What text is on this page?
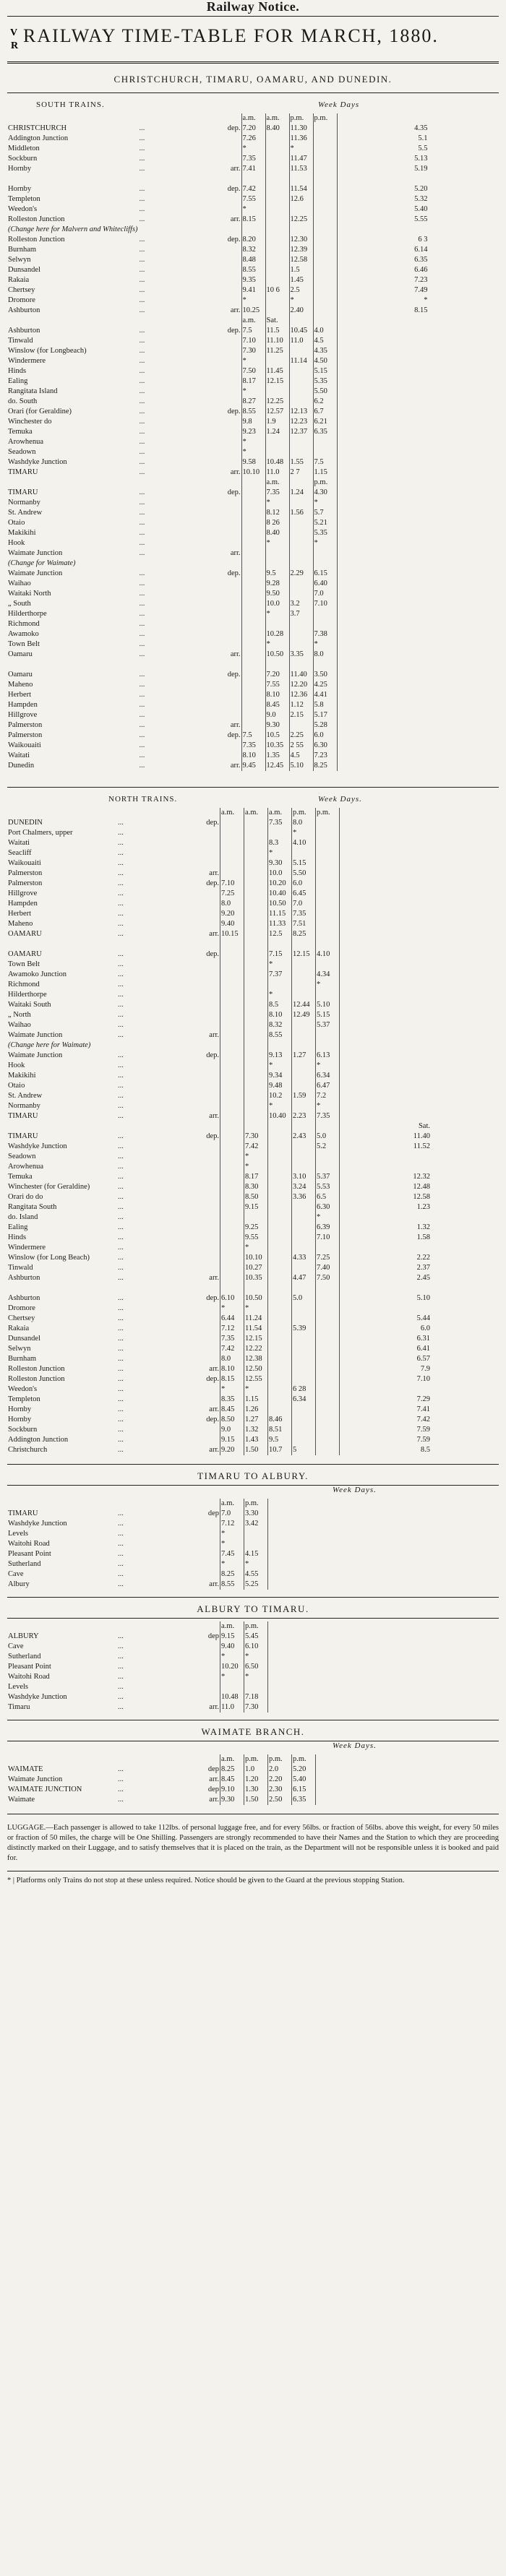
Railway Notice.
V
R RAILWAY TIME-TABLE FOR MARCH, 1880.
CHRISTCHURCH, TIMARU, OAMARU, AND DUNEDIN.
SOUTH TRAINS.	Week Days
			a.m.	a.m.	p.m.	p.m.		
CHRISTCHURCH	...	dep.	7.20	8.40	11.30			4.35
Addington Junction	...		7.26		11.36			5.1
Middleton	...		*		*			5.5
Sockburn	...		7.35		11.47			5.13
Hornby	...	arr.	7.41		11.53			5.19

Hornby	...	dep.	7.42		11.54			5.20
Templeton	...		7.55		12.6			5.32
Weedon's	...		*					5.40
Rolleston Junction	...	arr.	8.15		12.25			5.55
(Change here for Malvern and Whitecliffs)								
Rolleston Junction	...	dep.	8.20		12.30			6 3
Burnham	...		8.32		12.39			6.14
Selwyn	...		8.48		12.58			6.35
Dunsandel	...		8.55		1.5			6.46
Rakaia	...		9.35		1.45			7.23
Chertsey	...		9.41	10 6	2.5			7.49
Dromore	...		*		*			*
Ashburton	...	arr.	10.25		2.40			8.15
			a.m.	Sat.				
Ashburton	...	dep.	7.5	11.5	10.45	4.0		
Tinwald	...		7.10	11.10	11.0	4.5		
Winslow (for Longbeach)	...		7.30	11.25		4.35		
Windermere	...		*		11.14	4.50		
Hinds	...		7.50	11.45		5.15		
Ealing	...		8.17	12.15		5.35		
Rangitata Island	...		*			5.50		
do. South	...		8.27	12.25		6.2		
Orari (for Geraldine)	...	dep.	8.55	12.57	12.13	6.7		
Winchester do	...		9.8	1.9	12.23	6.21		
Temuka	...		9.23	1.24	12.37	6.35		
Arowhenua	...		*					
Seadown	...		*					
Washdyke Junction	...		9.58	10.48	1.55	7.5		
TIMARU	...	arr.	10.10	11.0	2 7	1.15		
				a.m.		p.m.		
TIMARU	...	dep.		7.35	1.24	4.30		
Normanby	...			*		*		
St. Andrew	...			8.12	1.56	5.7		
Otaio	...			8 26		5.21		
Makikihi	...			8.40		5.35		
Hook	...			*		*		
Waimate Junction	...	arr.						
(Change for Waimate)								
Waimate Junction	...	dep.		9.5	2.29	6.15		
Waihao	...			9.28		6.40		
Waitaki North	...			9.50		7.0		
„ South	...			10.0	3.2	7.10		
Hilderthorpe	...			*	3.7			
Richmond	...							
Awamoko	...			10.28		7.38		
Town Belt	...			*		*		
Oamaru	...	arr.		10.50	3.35	8.0		

Oamaru	...	dep.		7.20	11.40	3.50		
Maheno	...			7.55	12.20	4.25		
Herbert	...			8.10	12.36	4.41		
Hampden	...			8.45	1.12	5.8		
Hillgrove	...			9.0	2.15	5.17		
Palmerston	...	arr.		9.30		5.28		
Palmerston	...	dep.	7.5	10.5	2.25	6.0		
Waikouaiti	...		7.35	10.35	2 55	6.30		
Waitati	...		8.10	1.35	4.5	7.23		
Dunedin	...	arr.	9.45	12.45	5.10	8.25		
NORTH TRAINS.	Week Days.
			a.m.	a.m.	a.m.	p.m.	p.m.		
DUNEDIN	...	dep.			7.35	8.0			
Port Chalmers, upper	...					*			
Waitati	...				8.3	4.10			
Seacliff	...				*				
Waikouaiti	...				9.30	5.15			
Palmerston	...	arr.			10.0	5.50			
Palmerston	...	dep.	7.10		10.20	6.0			
Hillgrove	...		7.25		10.40	6.45			
Hampden	...		8.0		10.50	7.0			
Herbert	...		9.20		11.15	7.35			
Maheno	...		9.40		11.33	7.51			
OAMARU	...	arr.	10.15		12.5	8.25			

OAMARU	...	dep.			7.15	12.15	4.10		
Town Belt	...				*				
Awamoko Junction	...				7.37		4.34		
Richmond	...						*		
Hilderthorpe	...				*				
Waitaki South	...				8.5	12.44	5.10		
„ North	...				8.10	12.49	5.15		
Waihao	...				8.32		5.37		
Waimate Junction	...	arr.			8.55				
(Change here for Waimate)									
Waimate Junction	...	dep.			9.13	1.27	6.13		
Hook	...				*		*		
Makikihi	...				9.34		6.34		
Otaio	...				9.48		6.47		
St. Andrew	...				10.2	1.59	7.2		
Normanby	...				*		*		
TIMARU	...	arr.			10.40	2.23	7.35		
									Sat.
TIMARU	...	dep.		7.30		2.43	5.0		11.40
Washdyke Junction	...			7.42			5.2		11.52
Seadown	...			*					
Arowhenua	...			*					
Temuka	...			8.17		3.10	5.37		12.32
Winchester (for Geraldine)	...			8.30		3.24	5.53		12.48
Orari do do	...			8.50		3.36	6.5		12.58
Rangitata South	...			9.15			6.30		1.23
do. Island	...						*		
Ealing	...			9.25			6.39		1.32
Hinds	...			9.55			7.10		1.58
Windermere	...			*					
Winslow (for Long Beach)	...			10.10		4.33	7.25		2.22
Tinwald	...			10.27			7.40		2.37
Ashburton	...	arr.		10.35		4.47	7.50		2.45

Ashburton	...	dep.	6.10	10.50		5.0			5.10
Dromore	...		*	*					
Chertsey	...		6.44	11.24					5.44
Rakaia	...		7.12	11.54		5.39			6.0
Dunsandel	...		7.35	12.15					6.31
Selwyn	...		7.42	12.22					6.41
Burnham	...		8.0	12.38					6.57
Rolleston Junction	...	arr.	8.10	12.50					7.9
Rolleston Junction	...	dep.	8.15	12.55					7.10
Weedon's	...		*	*		6 28			
Templeton	...		8.35	1.15		6.34			7.29
Hornby	...	arr.	8.45	1.26					7.41
Hornby	...	dep.	8.50	1.27	8.46				7.42
Sockburn	...		9.0	1.32	8.51				7.59
Addington Junction	...		9.15	1.43	9.5				7.59
Christchurch	...	arr.	9.20	1.50	10.7	5			8.5
TIMARU TO ALBURY.
Week Days.
			a.m.	p.m.
TIMARU	...	dep	7.0	3.30
Washdyke Junction	...		7.12	3.42
Levels	...		*	
Waitohi Road	...		*	
Pleasant Point	...		7.45	4.15
Sutherland	...		*	*
Cave	...		8.25	4.55
Albury	...	arr.	8.55	5.25
ALBURY TO TIMARU.
			a.m.	p.m.
ALBURY	...	dep	9.15	5.45
Cave	...		9.40	6.10
Sutherland	...		*	*
Pleasant Point	...		10.20	6.50
Waitohi Road	...		*	*
Levels	...			
Washdyke Junction	...		10.48	7.18
Timaru	...	arr.	11.0	7.30
WAIMATE BRANCH.
Week Days.
			a.m.	p.m.	p.m.	p.m.
WAIMATE	...	dep	8.25	1.0	2.0	5.20
Waimate Junction	...	arr.	8.45	1.20	2.20	5.40
WAIMATE JUNCTION	...	dep	9.10	1.30	2.30	6.15
Waimate	...	arr.	9.30	1.50	2.50	6.35
LUGGAGE.—Each passenger is allowed to take 112lbs. of personal luggage free, and for every 56lbs. or fraction of 56lbs. above this weight, for every 50 miles or fraction of 50 miles, the charge will be One Shilling. Passengers are strongly recommended to have their Names and the Station to which they are proceeding distinctly marked on their Luggage, and to satisfy themselves that it is placed on the train, as the Department will not be responsible unless it is booked and paid for.
* | Platforms only Trains do not stop at these unless required. Notice should be given to the Guard at the previous stopping Station.
